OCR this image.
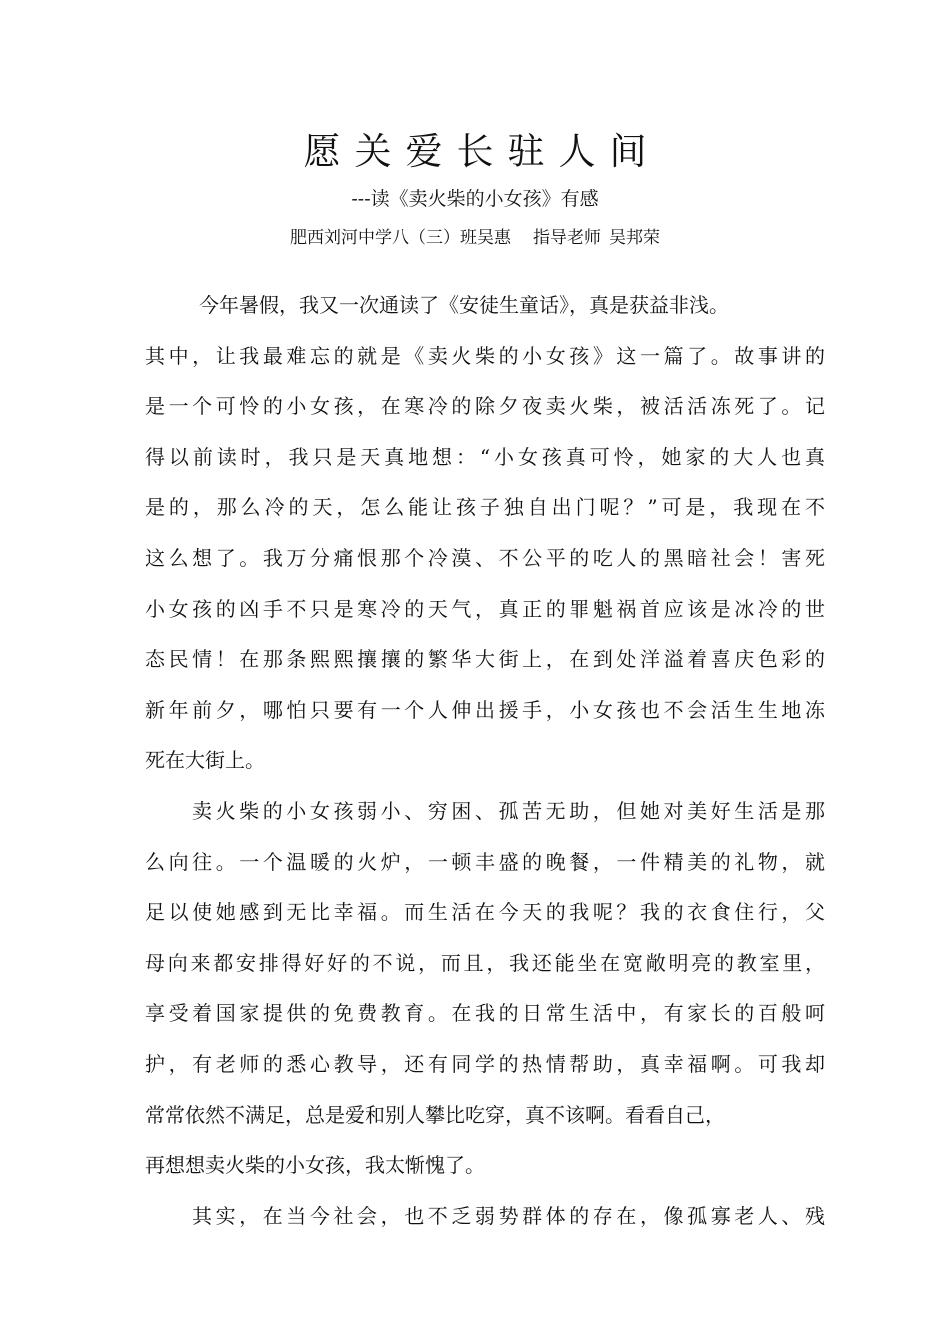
愿关爱长驻人间
---读《卖火柴的小女孩》有感
肥西刘河中学八（三）班吴惠 指导老师 吴邦荣
今年暑假，我又一次通读了《安徒生童话》，真是获益非浅。
其中，让我最难忘的就是《卖火柴的小女孩》这一篇了。故事讲的
是一个可怜的小女孩，在寒冷的除夕夜卖火柴，被活活冻死了。记
得以前读时，我只是天真地想：“小女孩真可怜，她家的大人也真
是的，那么冷的天，怎么能让孩子独自出门呢？”可是，我现在不
这么想了。我万分痛恨那个冷漠、不公平的吃人的黑暗社会！害死
小女孩的凶手不只是寒冷的天气，真正的罪魁祸首应该是冰冷的世
态民情！在那条熙熙攘攘的繁华大街上，在到处洋溢着喜庆色彩的
新年前夕，哪怕只要有一个人伸出援手，小女孩也不会活生生地冻
死在大街上。
卖火柴的小女孩弱小、穷困、孤苦无助，但她对美好生活是那
么向往。一个温暖的火炉，一顿丰盛的晚餐，一件精美的礼物，就
足以使她感到无比幸福。而生活在今天的我呢？我的衣食住行，父
母向来都安排得好好的不说，而且，我还能坐在宽敞明亮的教室里，
享受着国家提供的免费教育。在我的日常生活中，有家长的百般呵
护，有老师的悉心教导，还有同学的热情帮助，真幸福啊。可我却
常常依然不满足，总是爱和别人攀比吃穿，真不该啊。看看自己，
再想想卖火柴的小女孩，我太惭愧了。
其实，在当今社会，也不乏弱势群体的存在，像孤寡老人、残
